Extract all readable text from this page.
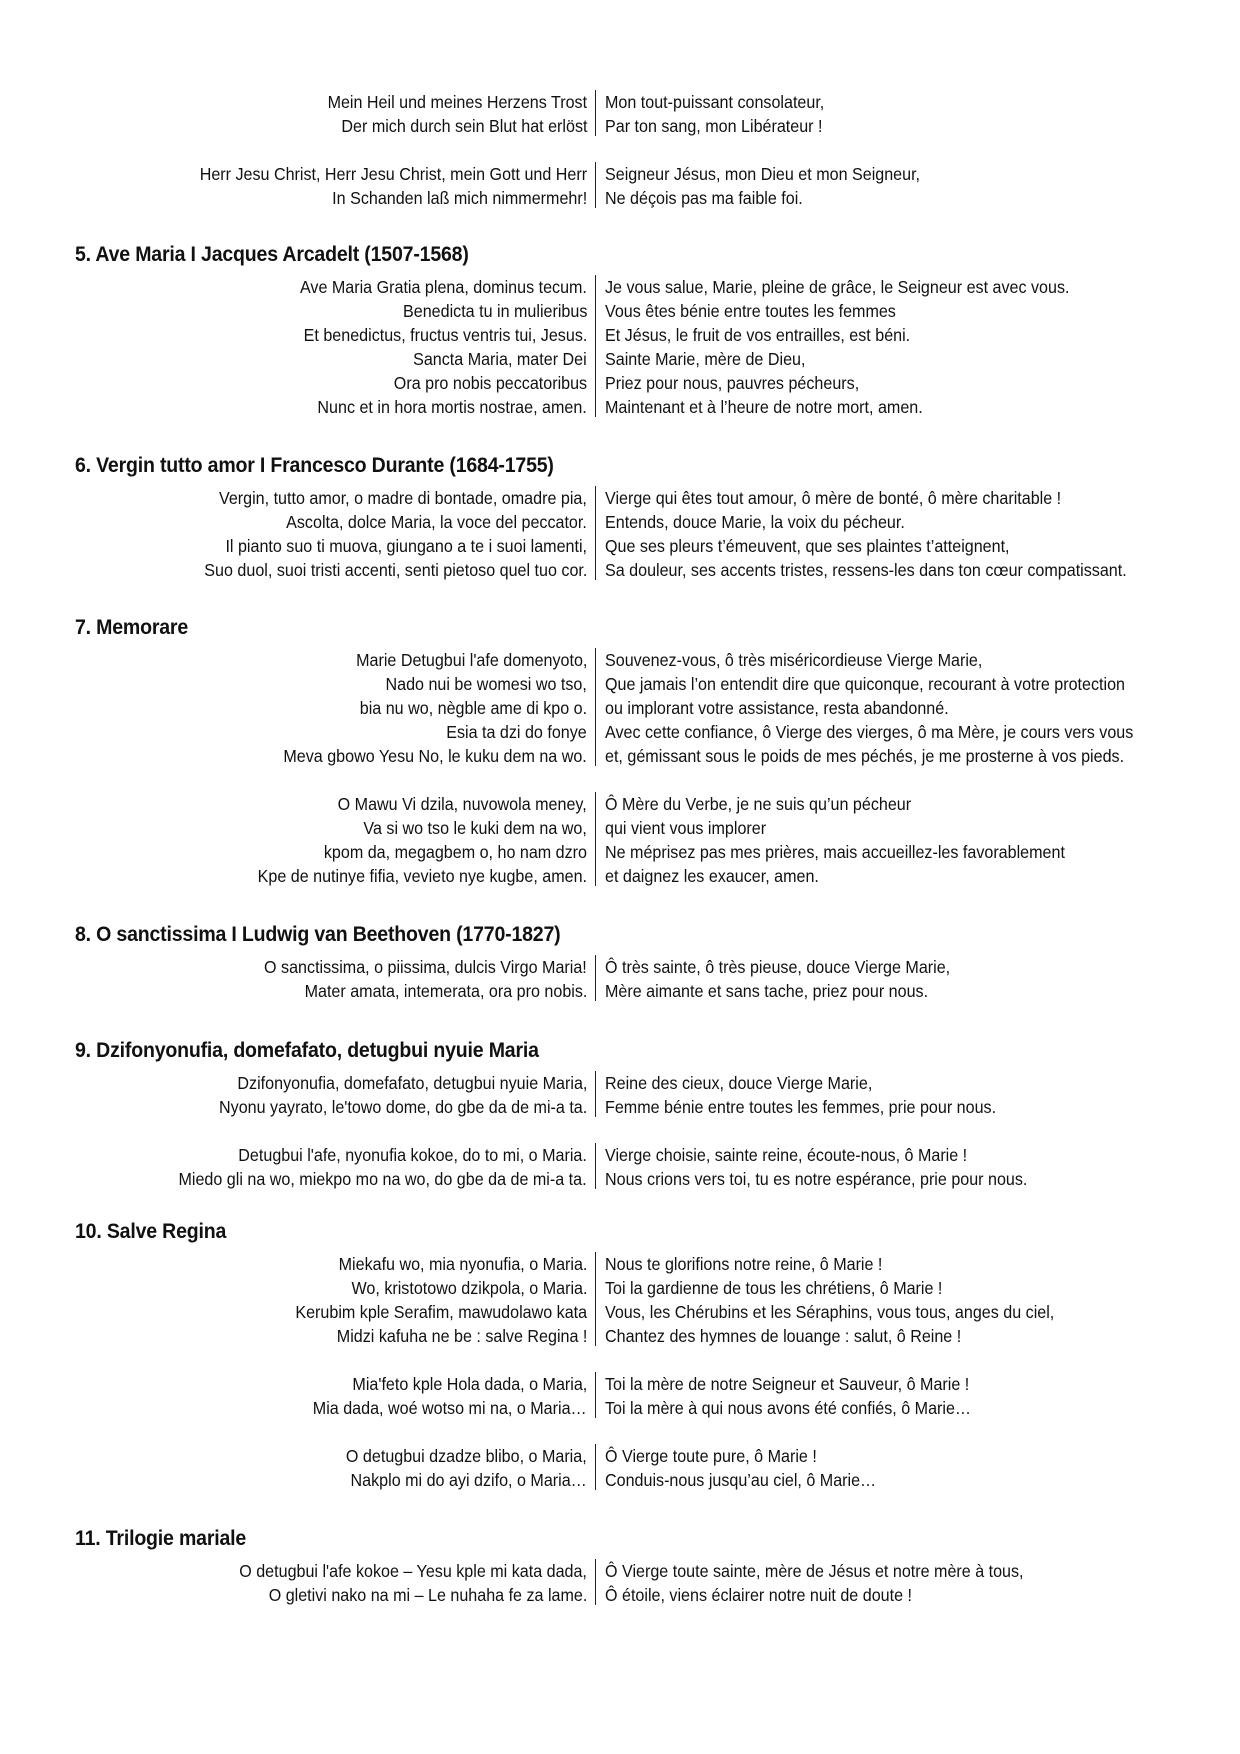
Mein Heil und meines Herzens Trost Mon tout-puissant consolateur,
Der mich durch sein Blut hat erlöst Par ton sang, mon Libérateur !
Herr Jesu Christ, Herr Jesu Christ, mein Gott und Herr Seigneur Jésus, mon Dieu et mon Seigneur,
In Schanden laß mich nimmermehr! Ne déçois pas ma faible foi.
5. Ave Maria I Jacques Arcadelt (1507-1568)
Ave Maria Gratia plena, dominus tecum. Je vous salue, Marie, pleine de grâce, le Seigneur est avec vous.
Benedicta tu in mulieribus Vous êtes bénie entre toutes les femmes
Et benedictus, fructus ventris tui, Jesus. Et Jésus, le fruit de vos entrailles, est béni.
Sancta Maria, mater Dei Sainte Marie, mère de Dieu,
Ora pro nobis peccatoribus Priez pour nous, pauvres pécheurs,
Nunc et in hora mortis nostrae, amen. Maintenant et à l’heure de notre mort, amen.
6. Vergin tutto amor I Francesco Durante (1684-1755)
Vergin, tutto amor, o madre di bontade, omadre pia, Vierge qui êtes tout amour, ô mère de bonté, ô mère charitable !
Ascolta, dolce Maria, la voce del peccator. Entends, douce Marie, la voix du pécheur.
Il pianto suo ti muova, giungano a te i suoi lamenti, Que ses pleurs t’émeuvent, que ses plaintes t’atteignent,
Suo duol, suoi tristi accenti, senti pietoso quel tuo cor. Sa douleur, ses accents tristes, ressens-les dans ton cœur compatissant.
7. Memorare
Marie Detugbui l'afe domenyoto, Souvenez-vous, ô très miséricordieuse Vierge Marie,
Nado nui be womesi wo tso, Que jamais l’on entendit dire que quiconque, recourant à votre protection
bia nu wo, nègble ame di kpo o. ou implorant votre assistance, resta abandonné.
Esia ta dzi do fonye Avec cette confiance, ô Vierge des vierges, ô ma Mère, je cours vers vous
Meva gbowo Yesu No, le kuku dem na wo. et, gémissant sous le poids de mes péchés, je me prosterne à vos pieds.
O Mawu Vi dzila, nuvowola meney, Ô Mère du Verbe, je ne suis qu’un pécheur
Va si wo tso le kuki dem na wo, qui vient vous implorer
kpom da, megagbem o, ho nam dzro Ne méprisez pas mes prières, mais accueillez-les favorablement
Kpe de nutinye fifia, vevieto nye kugbe, amen. et daignez les exaucer, amen.
8. O sanctissima I Ludwig van Beethoven (1770-1827)
O sanctissima, o piissima, dulcis Virgo Maria! Ô très sainte, ô très pieuse, douce Vierge Marie,
Mater amata, intemerata, ora pro nobis. Mère aimante et sans tache, priez pour nous.
9. Dzifonyonufia, domefafato, detugbui nyuie Maria
Dzifonyonufia, domefafato, detugbui nyuie Maria, Reine des cieux, douce Vierge Marie,
Nyonu yayrato, le'towo dome, do gbe da de mi-a ta. Femme bénie entre toutes les femmes, prie pour nous.
Detugbui l'afe, nyonufia kokoe, do to mi, o Maria. Vierge choisie, sainte reine, écoute-nous, ô Marie !
Miedo gli na wo, miekpo mo na wo, do gbe da de mi-a ta. Nous crions vers toi, tu es notre espérance, prie pour nous.
10. Salve Regina
Miekafu wo, mia nyonufia, o Maria. Nous te glorifions notre reine, ô Marie !
Wo, kristotowo dzikpola, o Maria. Toi la gardienne de tous les chrétiens, ô Marie !
Kerubim kple Serafim, mawudolawo kata Vous, les Chérubins et les Séraphins, vous tous, anges du ciel,
Midzi kafuha ne be : salve Regina ! Chantez des hymnes de louange : salut, ô Reine !
Mia'feto kple Hola dada, o Maria, Toi la mère de notre Seigneur et Sauveur, ô Marie !
Mia dada, woé wotso mi na, o Maria… Toi la mère à qui nous avons été confiés, ô Marie…
O detugbui dzadze blibo, o Maria, Ô Vierge toute pure, ô Marie !
Nakplo mi do ayi dzifo, o Maria… Conduis-nous jusqu’au ciel, ô Marie…
11. Trilogie mariale
O detugbui l'afe kokoe – Yesu kple mi kata dada, Ô Vierge toute sainte, mère de Jésus et notre mère à tous,
O gletivi nako na mi – Le nuhaha fe za lame. Ô étoile, viens éclairer notre nuit de doute !
